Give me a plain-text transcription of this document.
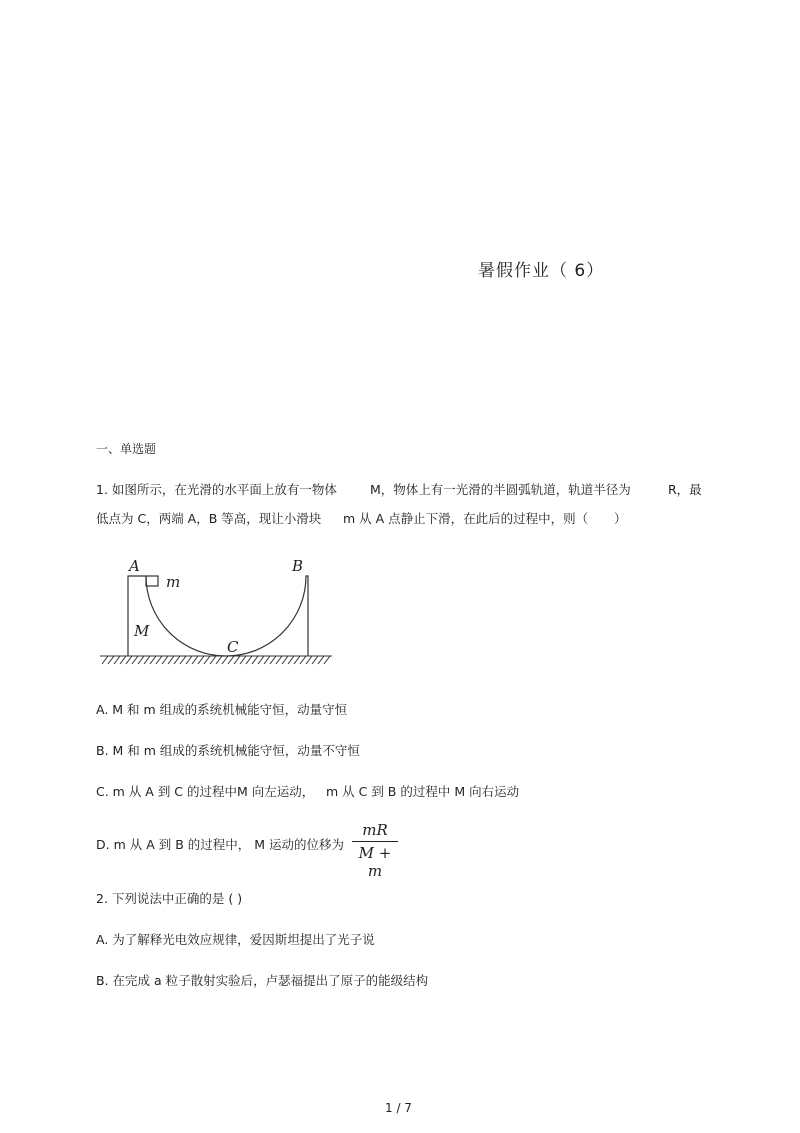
暑假作业（ 6）
一、单选题
1. 如图所示，在光滑的水平面上放有一物体	M，物体上有一光滑的半圆弧轨道，轨道半径为	R，最
低点为 C，两端 A，B 等高，现让小滑块 m 从 A 点静止下滑，在此后的过程中，则（ ）
A	B
m
M
C
A. M 和 m 组成的系统机械能守恒，动量守恒
B. M 和 m 组成的系统机械能守恒，动量不守恒
C. m 从 A 到 C 的过程中M 向左运动， m 从 C 到 B 的过程中 M 向右运动
D. m 从 A 到 B 的过程中， M 运动的位移为
mR
M + m
2. 下列说法中正确的是 ( )
A. 为了解释光电效应规律，爱因斯坦提出了光子说
B. 在完成 a 粒子散射实验后，卢瑟福提出了原子的能级结构
1 / 7
